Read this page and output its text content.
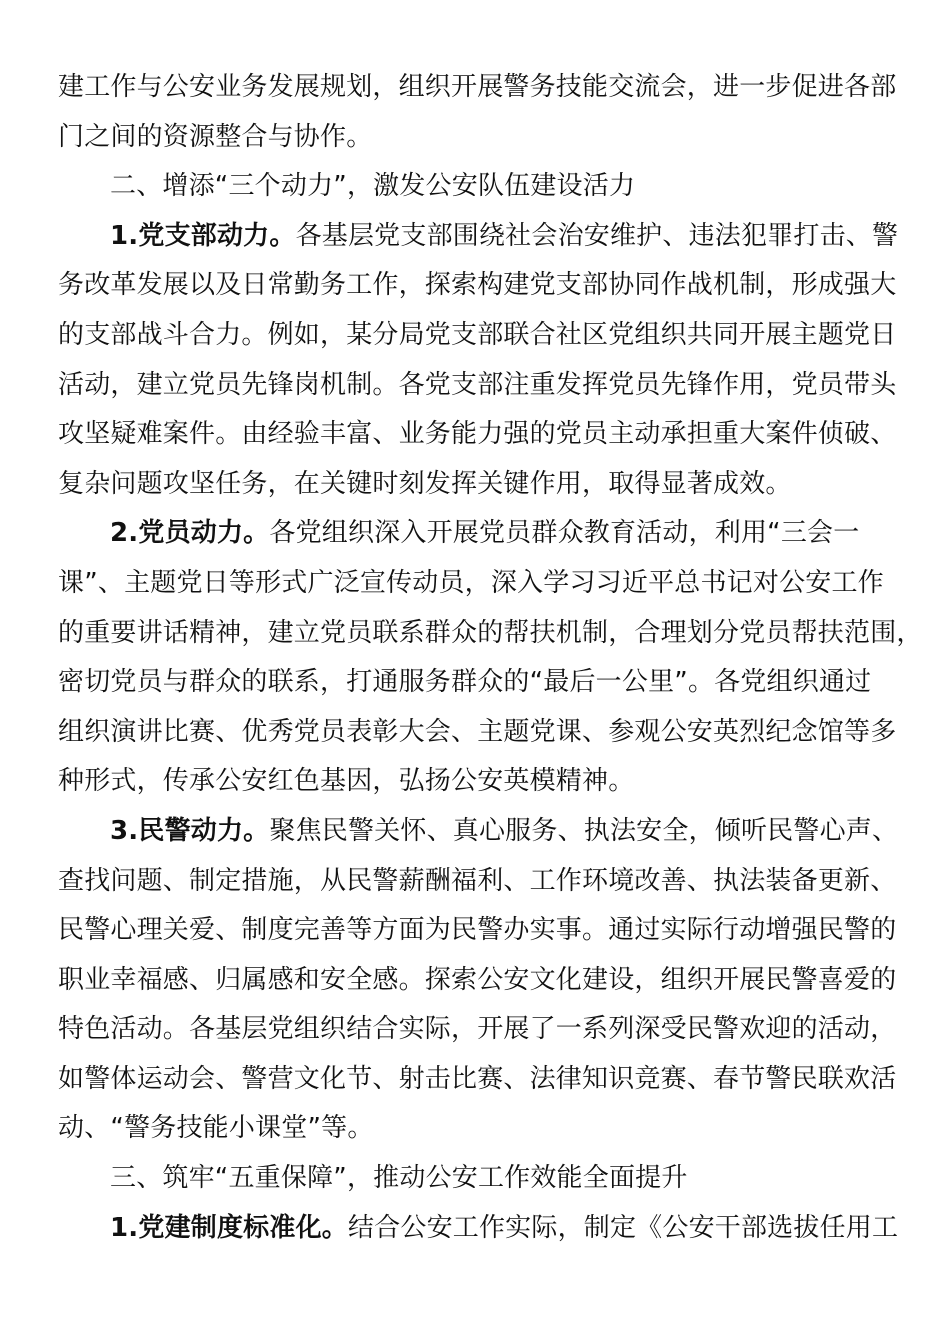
建工作与公安业务发展规划，组织开展警务技能交流会，进一步促进各部
门之间的资源整合与协作。
二、增添“三个动力”，激发公安队伍建设活力
1.党支部动力。各基层党支部围绕社会治安维护、违法犯罪打击、警
务改革发展以及日常勤务工作，探索构建党支部协同作战机制，形成强大
的支部战斗合力。例如，某分局党支部联合社区党组织共同开展主题党日
活动，建立党员先锋岗机制。各党支部注重发挥党员先锋作用，党员带头
攻坚疑难案件。由经验丰富、业务能力强的党员主动承担重大案件侦破、
复杂问题攻坚任务，在关键时刻发挥关键作用，取得显著成效。
2.党员动力。各党组织深入开展党员群众教育活动，利用“三会一
课”、主题党日等形式广泛宣传动员，深入学习习近平总书记对公安工作
的重要讲话精神，建立党员联系群众的帮扶机制，合理划分党员帮扶范围，
密切党员与群众的联系，打通服务群众的“最后一公里”。各党组织通过
组织演讲比赛、优秀党员表彰大会、主题党课、参观公安英烈纪念馆等多
种形式，传承公安红色基因，弘扬公安英模精神。
3.民警动力。聚焦民警关怀、真心服务、执法安全，倾听民警心声、
查找问题、制定措施，从民警薪酬福利、工作环境改善、执法装备更新、
民警心理关爱、制度完善等方面为民警办实事。通过实际行动增强民警的
职业幸福感、归属感和安全感。探索公安文化建设，组织开展民警喜爱的
特色活动。各基层党组织结合实际，开展了一系列深受民警欢迎的活动，
如警体运动会、警营文化节、射击比赛、法律知识竞赛、春节警民联欢活
动、“警务技能小课堂”等。
三、筑牢“五重保障”，推动公安工作效能全面提升
1.党建制度标准化。结合公安工作实际，制定《公安干部选拔任用工
